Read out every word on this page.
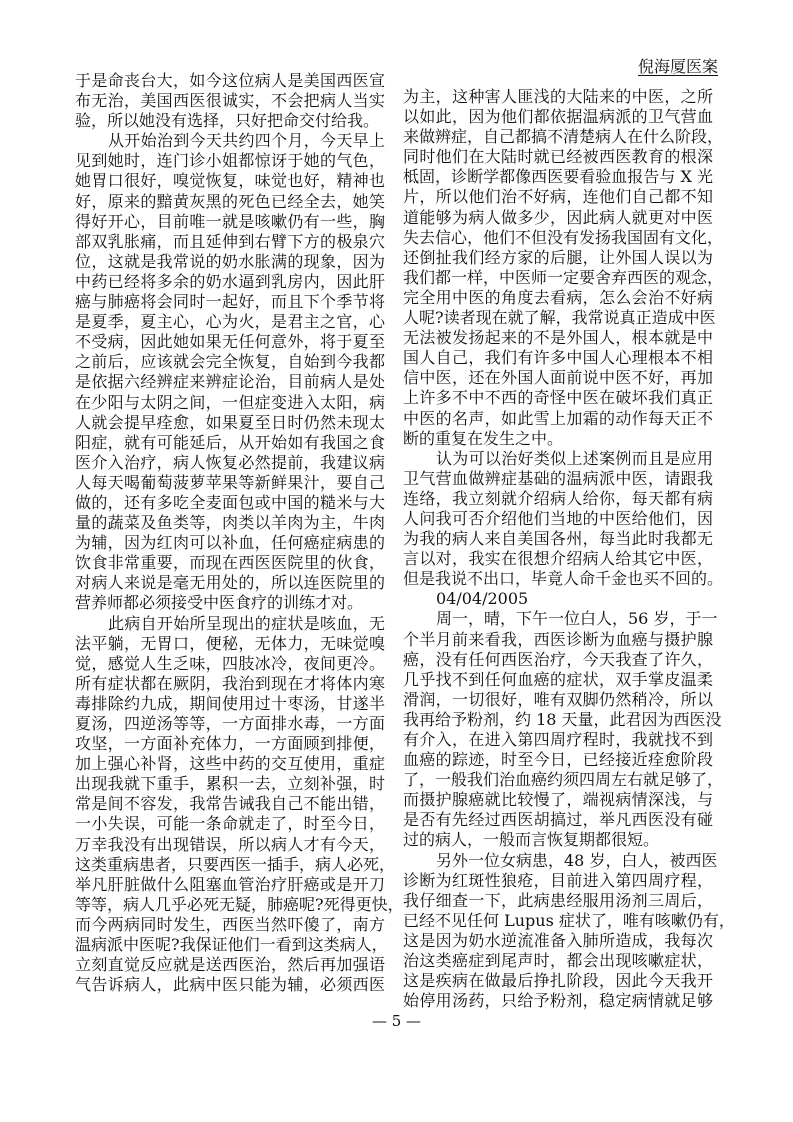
倪海厦医案
于是命丧台大，如今这位病人是美国西医宣
布无治，美国西医很诚实，不会把病人当实
验，所以她没有选择，只好把命交付给我。
从开始治到今天共约四个月，今天早上
见到她时，连门诊小姐都惊讶于她的气色，
她胃口很好，嗅觉恢复，味觉也好，精神也
好，原来的黯黄灰黑的死色已经全去，她笑
得好开心，目前唯一就是咳嗽仍有一些，胸
部双乳胀痛，而且延伸到右臂下方的极泉穴
位，这就是我常说的奶水胀满的现象，因为
中药已经将多余的奶水逼到乳房内，因此肝
癌与肺癌将会同时一起好，而且下个季节将
是夏季，夏主心，心为火，是君主之官，心
不受病，因此她如果无任何意外，将于夏至
之前后，应该就会完全恢复，自始到今我都
是依据六经辨症来辨症论治，目前病人是处
在少阳与太阴之间，一但症变进入太阳，病
人就会提早痊愈，如果夏至日时仍然未现太
阳症，就有可能延后，从开始如有我国之食
医介入治疗，病人恢复必然提前，我建议病
人每天喝葡萄菠萝苹果等新鲜果汁，要自己
做的，还有多吃全麦面包或中国的糙米与大
量的蔬菜及鱼类等，肉类以羊肉为主，牛肉
为辅，因为红肉可以补血，任何癌症病患的
饮食非常重要，而现在西医医院里的伙食，
对病人来说是毫无用处的，所以连医院里的
营养师都必须接受中医食疗的训练才对。
此病自开始所呈现出的症状是咳血，无
法平躺，无胃口，便秘，无体力，无味觉嗅
觉，感觉人生乏味，四肢冰冷，夜间更冷。
所有症状都在厥阴，我治到现在才将体内寒
毒排除约九成，期间使用过十枣汤，甘遂半
夏汤，四逆汤等等，一方面排水毒，一方面
攻坚，一方面补充体力，一方面顾到排便，
加上强心补肾，这些中药的交互使用，重症
出现我就下重手，累积一去，立刻补强，时
常是间不容发，我常告诫我自己不能出错，
一小失误，可能一条命就走了，时至今日，
万幸我没有出现错误，所以病人才有今天，
这类重病患者，只要西医一插手，病人必死，
举凡肝脏做什么阻塞血管治疗肝癌或是开刀
等等，病人几乎必死无疑，肺癌呢?死得更快，
而今两病同时发生，西医当然吓傻了，南方
温病派中医呢?我保证他们一看到这类病人，
立刻直觉反应就是送西医治，然后再加强语
气告诉病人，此病中医只能为辅，必须西医
为主，这种害人匪浅的大陆来的中医，之所
以如此，因为他们都依据温病派的卫气营血
来做辨症，自己都搞不清楚病人在什么阶段，
同时他们在大陆时就已经被西医教育的根深
柢固，诊断学都像西医要看验血报告与 X 光
片，所以他们治不好病，连他们自己都不知
道能够为病人做多少，因此病人就更对中医
失去信心，他们不但没有发扬我国固有文化，
还倒扯我们经方家的后腿，让外国人误以为
我们都一样，中医师一定要舍弃西医的观念，
完全用中医的角度去看病，怎么会治不好病
人呢?读者现在就了解，我常说真正造成中医
无法被发扬起来的不是外国人，根本就是中
国人自己，我们有许多中国人心理根本不相
信中医，还在外国人面前说中医不好，再加
上许多不中不西的奇怪中医在破坏我们真正
中医的名声，如此雪上加霜的动作每天正不
断的重复在发生之中。
认为可以治好类似上述案例而且是应用
卫气营血做辨症基础的温病派中医，请跟我
连络，我立刻就介绍病人给你，每天都有病
人问我可否介绍他们当地的中医给他们，因
为我的病人来自美国各州，每当此时我都无
言以对，我实在很想介绍病人给其它中医，
但是我说不出口，毕竟人命千金也买不回的。
04/04/2005
周一，晴，下午一位白人，56 岁，于一
个半月前来看我，西医诊断为血癌与摄护腺
癌，没有任何西医治疗，今天我查了许久，
几乎找不到任何血癌的症状，双手掌皮温柔
滑润，一切很好，唯有双脚仍然稍冷，所以
我再给予粉剂，约 18 天量，此君因为西医没
有介入，在进入第四周疗程时，我就找不到
血癌的踪迹，时至今日，已经接近痊愈阶段
了，一般我们治血癌约须四周左右就足够了，
而摄护腺癌就比较慢了，端视病情深浅，与
是否有先经过西医胡搞过，举凡西医没有碰
过的病人，一般而言恢复期都很短。
另外一位女病患，48 岁，白人，被西医
诊断为红斑性狼疮，目前进入第四周疗程，
我仔细查一下，此病患经服用汤剂三周后，
已经不见任何 Lupus 症状了，唯有咳嗽仍有，
这是因为奶水逆流准备入肺所造成，我每次
治这类癌症到尾声时，都会出现咳嗽症状，
这是疾病在做最后挣扎阶段，因此今天我开
始停用汤药，只给予粉剂，稳定病情就足够
— 5 —
